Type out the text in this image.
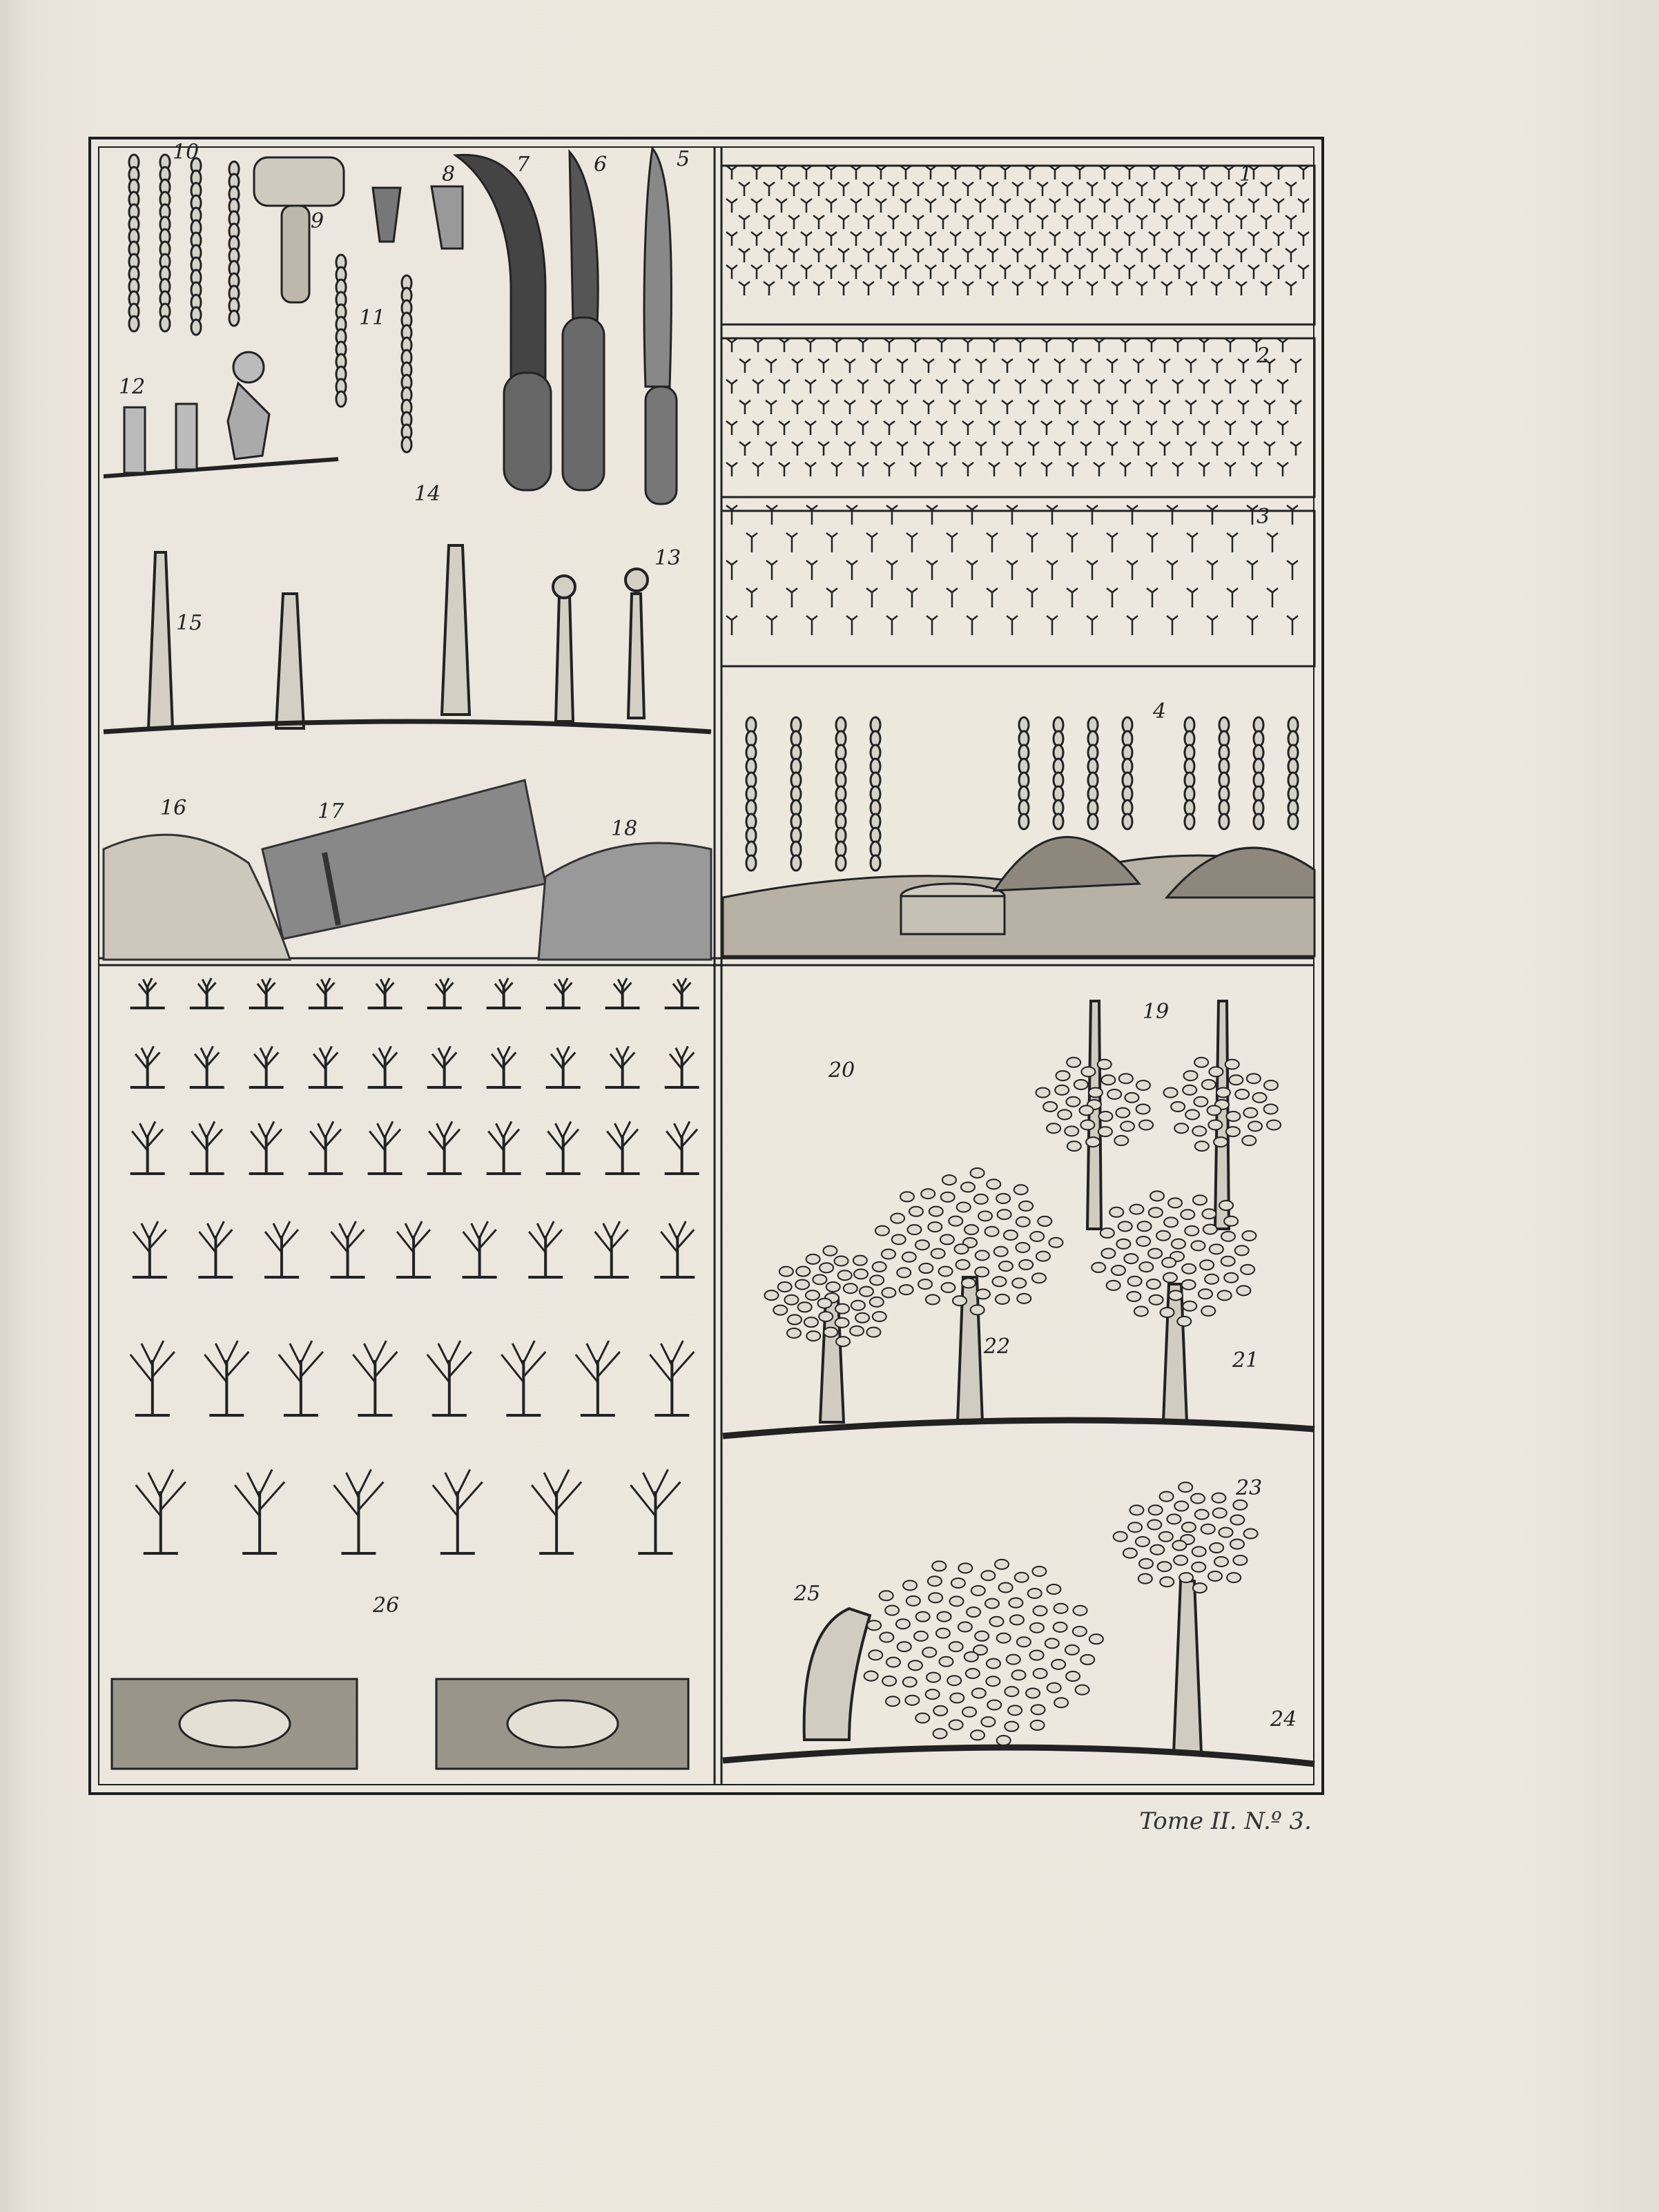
1
2
3
4
5
6
7
8
9
10
11
12
13
14
15
16	17
18
19
20
21
22
23
24
25
26
Tome II. N.º 3.
